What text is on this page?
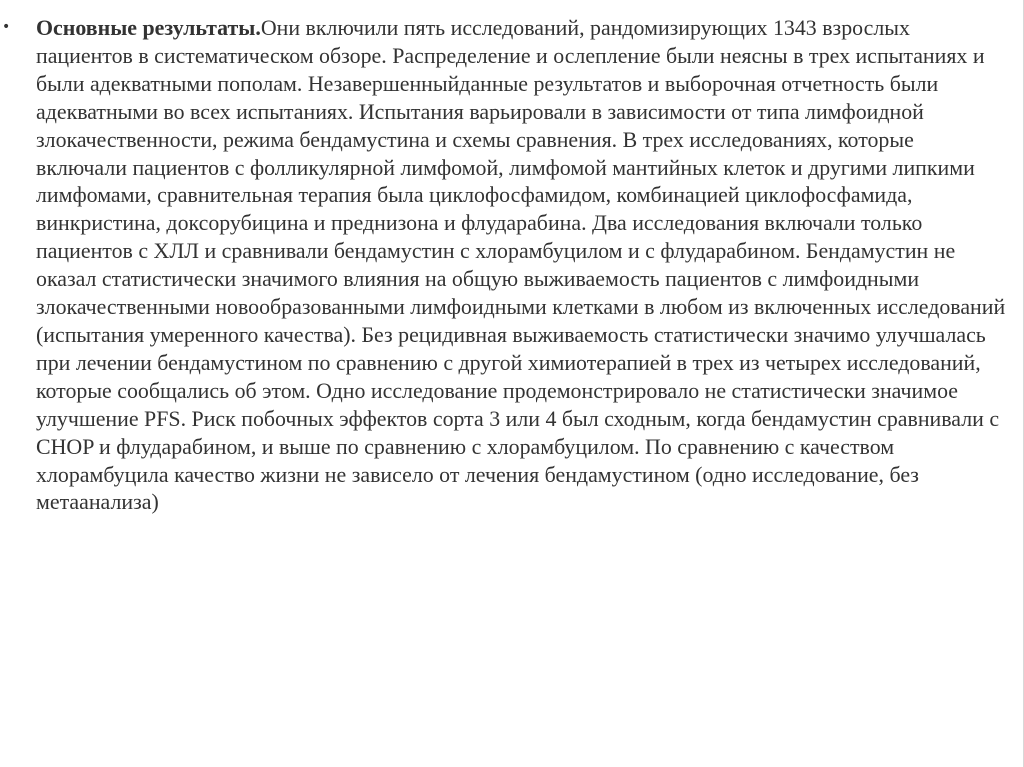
• Основные результаты.Они включили пять исследований, рандомизирующих 1343 взрослых пациентов в систематическом обзоре. Распределение и ослепление были неясны в трех испытаниях и были адекватными пополам. Незавершенныйданные результатов и выборочная отчетность были адекватными во всех испытаниях. Испытания варьировали в зависимости от типа лимфоидной злокачественности, режима бендамустина и схемы сравнения. В трех исследованиях, которые включали пациентов с фолликулярной лимфомой, лимфомой мантийных клеток и другими липкими лимфомами, сравнительная терапия была циклофосфамидом, комбинацией циклофосфамида, винкристина, доксорубицина и преднизона и флударабина. Два исследования включали только пациентов с ХЛЛ и сравнивали бендамустин с хлорамбуцилом и с флударабином. Бендамустин не оказал статистически значимого влияния на общую выживаемость пациентов с лимфоидными злокачественными новообразованными лимфоидными клетками в любом из включенных исследований (испытания умеренного качества). Без рецидивная выживаемость статистически значимо улучшалась при лечении бендамустином по сравнению с другой химиотерапией в трех из четырех исследований, которые сообщались об этом. Одно исследование продемонстрировало не статистически значимое улучшение PFS. Риск побочных эффектов сорта 3 или 4 был сходным, когда бендамустин сравнивали с CHOP и флударабином, и выше по сравнению с хлорамбуцилом. По сравнению с качеством хлорамбуцила качество жизни не зависело от лечения бендамустином (одно исследование, без метаанализа)
